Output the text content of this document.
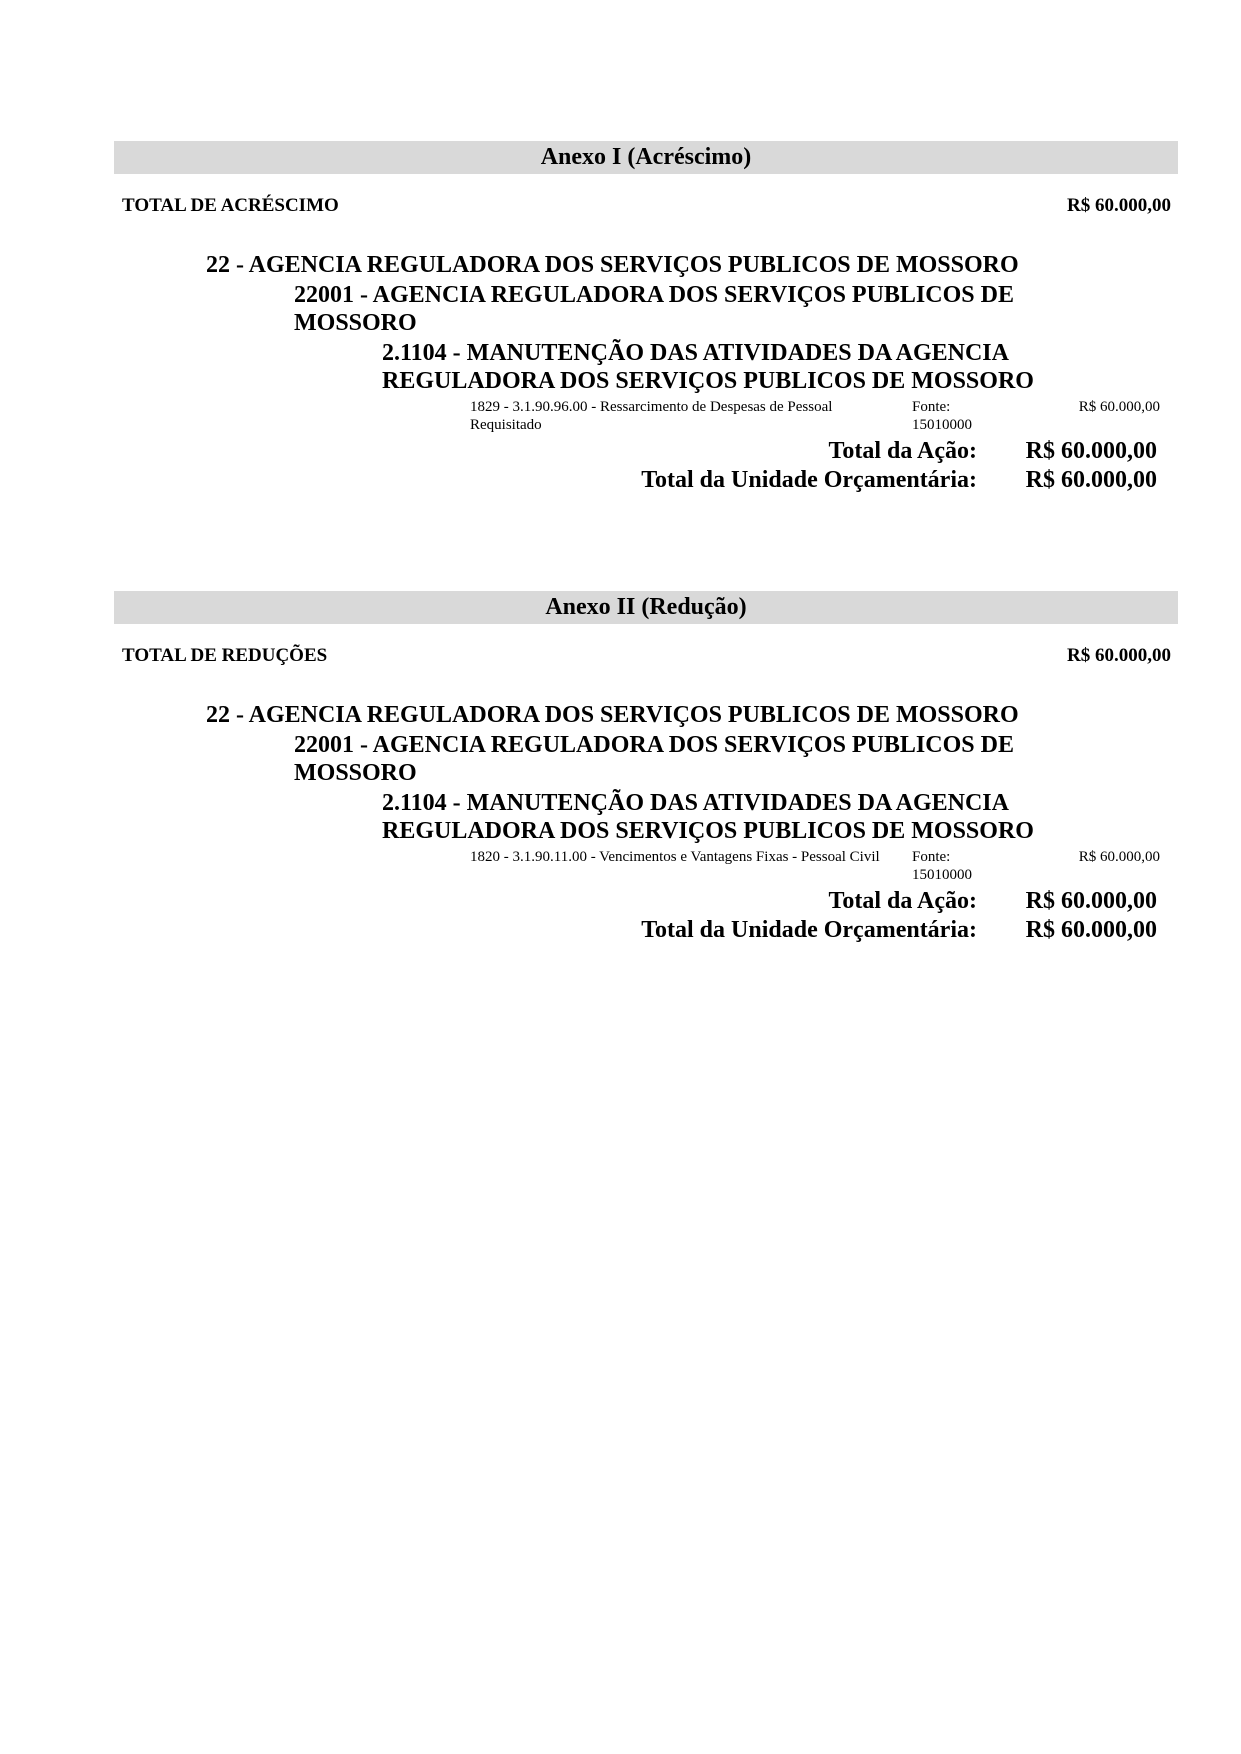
Anexo I (Acréscimo)
TOTAL DE ACRÉSCIMO	R$ 60.000,00
22 - AGENCIA REGULADORA DOS SERVIÇOS PUBLICOS DE MOSSORO
22001 - AGENCIA REGULADORA DOS SERVIÇOS PUBLICOS DE MOSSORO
2.1104 - MANUTENÇÃO DAS ATIVIDADES DA AGENCIA REGULADORA DOS SERVIÇOS PUBLICOS DE MOSSORO
1829 - 3.1.90.96.00 - Ressarcimento de Despesas de Pessoal Requisitado
Fonte: 15010000
R$ 60.000,00
Total da Ação: R$ 60.000,00
Total da Unidade Orçamentária: R$ 60.000,00
Anexo II (Redução)
TOTAL DE REDUÇÕES	R$ 60.000,00
22 - AGENCIA REGULADORA DOS SERVIÇOS PUBLICOS DE MOSSORO
22001 - AGENCIA REGULADORA DOS SERVIÇOS PUBLICOS DE MOSSORO
2.1104 - MANUTENÇÃO DAS ATIVIDADES DA AGENCIA REGULADORA DOS SERVIÇOS PUBLICOS DE MOSSORO
1820 - 3.1.90.11.00 - Vencimentos e Vantagens Fixas - Pessoal Civil Fonte: 15010000
R$ 60.000,00
Total da Ação: R$ 60.000,00
Total da Unidade Orçamentária: R$ 60.000,00
